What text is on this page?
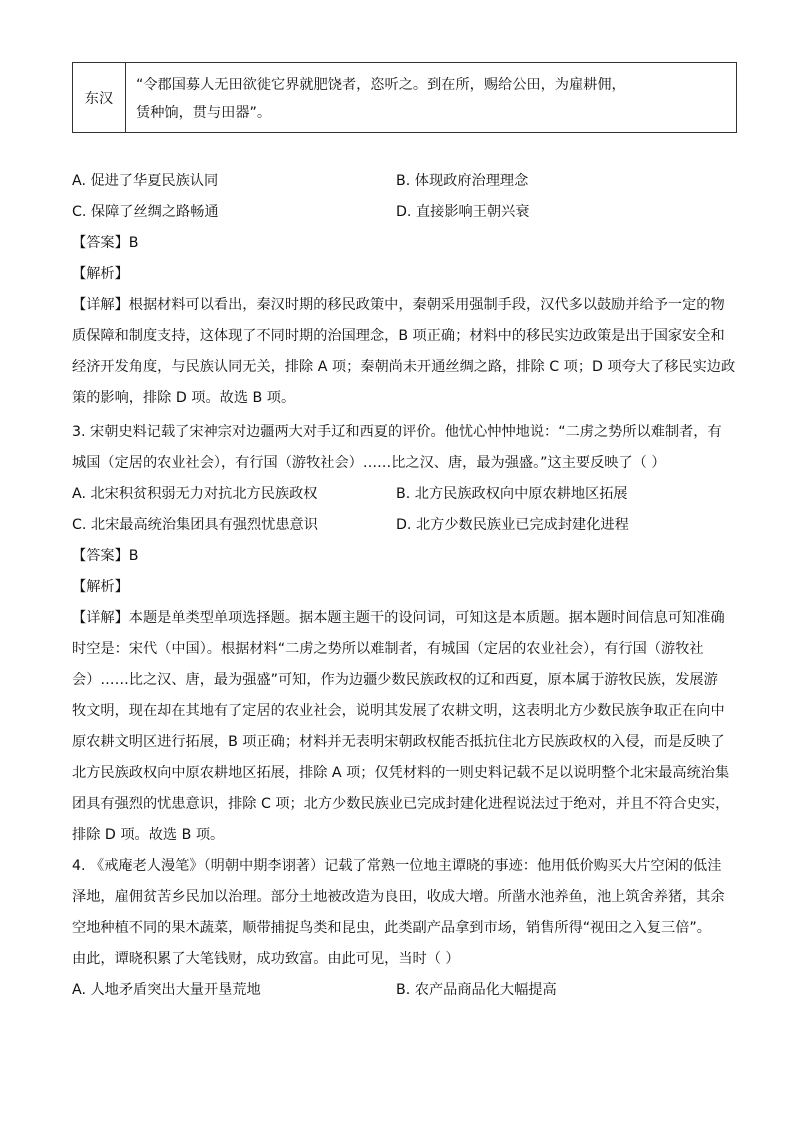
东汉
“令郡国募人无田欲徙它界就肥饶者，恣听之。到在所，赐给公田，为雇耕佣，
赁种饷，贯与田器”。
A. 促进了华夏民族认同	B. 体现政府治理理念
C. 保障了丝绸之路畅通	D. 直接影响王朝兴衰
【答案】B
【解析】
【详解】根据材料可以看出，秦汉时期的移民政策中，秦朝采用强制手段，汉代多以鼓励并给予一定的物
质保障和制度支持，这体现了不同时期的治国理念，B 项正确；材料中的移民实边政策是出于国家安全和
经济开发角度，与民族认同无关，排除 A 项；秦朝尚未开通丝绸之路，排除 C 项；D 项夸大了移民实边政
策的影响，排除 D 项。故选 B 项。
3. 宋朝史料记载了宋神宗对边疆两大对手辽和西夏的评价。他忧心忡忡地说：“二虏之势所以难制者，有
城国（定居的农业社会），有行国（游牧社会）……比之汉、唐，最为强盛。”这主要反映了（ ）
A. 北宋积贫积弱无力对抗北方民族政权	B. 北方民族政权向中原农耕地区拓展
C. 北宋最高统治集团具有强烈忧患意识	D. 北方少数民族业已完成封建化进程
【答案】B
【解析】
【详解】本题是单类型单项选择题。据本题主题干的设问词，可知这是本质题。据本题时间信息可知准确
时空是：宋代（中国）。根据材料“二虏之势所以难制者，有城国（定居的农业社会），有行国（游牧社
会）……比之汉、唐，最为强盛”可知，作为边疆少数民族政权的辽和西夏，原本属于游牧民族，发展游
牧文明，现在却在其地有了定居的农业社会，说明其发展了农耕文明，这表明北方少数民族争取正在向中
原农耕文明区进行拓展，B 项正确；材料并无表明宋朝政权能否抵抗住北方民族政权的入侵，而是反映了
北方民族政权向中原农耕地区拓展，排除 A 项；仅凭材料的一则史料记载不足以说明整个北宋最高统治集
团具有强烈的忧患意识，排除 C 项；北方少数民族业已完成封建化进程说法过于绝对，并且不符合史实，
排除 D 项。故选 B 项。
4. 《戒庵老人漫笔》（明朝中期李诩著）记载了常熟一位地主谭晓的事迹：他用低价购买大片空闲的低洼
泽地，雇佣贫苦乡民加以治理。部分土地被改造为良田，收成大增。所凿水池养鱼，池上筑舍养猪，其余
空地种植不同的果木蔬菜，顺带捕捉鸟类和昆虫，此类副产品拿到市场，销售所得“视田之入复三倍”。
由此，谭晓积累了大笔钱财，成功致富。由此可见，当时（ ）
A. 人地矛盾突出大量开垦荒地	B. 农产品商品化大幅提高
